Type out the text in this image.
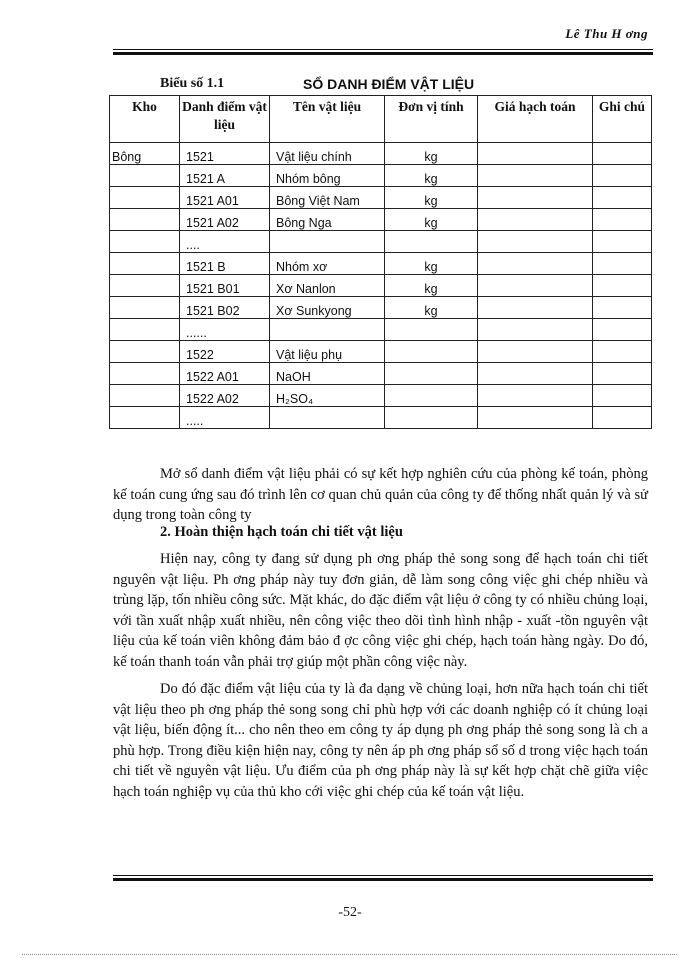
Lê Thu H ơng
Biểu số 1.1	SỔ DANH ĐIỂM VẬT LIỆU
Kho	Danh điểm vật liệu	Tên vật liệu	Đơn vị tính	Giá hạch toán	Ghi chú
Bông	1521	Vật liệu chính	kg		
	1521 A	Nhóm bông	kg		
	1521 A01	Bông Việt Nam	kg		
	1521 A02	Bông Nga	kg		
	....				
	1521 B	Nhóm xơ	kg		
	1521 B01	Xơ Nanlon	kg		
	1521 B02	Xơ Sunkyong	kg		
	......				
	1522	Vật liệu phụ			
	1522 A01	NaOH			
	1522 A02	H₂SO₄			
	.....				

Mở sổ danh điểm vật liệu phải có sự kết hợp nghiên cứu của phòng kế toán, phòng kế toán cung ứng sau đó trình lên cơ quan chủ quản của công ty để thống nhất quản lý và sử dụng trong toàn công ty

2. Hoàn thiện hạch toán chi tiết vật liệu

Hiện nay, công ty đang sử dụng ph ơng pháp thẻ song song để hạch toán chi tiết nguyên vật liệu. Ph ơng pháp này tuy đơn giản, dễ làm song công việc ghi chép nhiều và trùng lặp, tốn nhiều công sức. Mặt khác, do đặc điểm vật liệu ở công ty có nhiều chủng loại, với tần xuất nhập xuất nhiều, nên công việc theo dõi tình hình nhập - xuất -tồn nguyên vật liệu của kế toán viên không đảm bảo đ ợc công việc ghi chép, hạch toán hàng ngày. Do đó, kế toán thanh toán vẫn phải trợ giúp một phần công việc này.

Do đó đặc điểm vật liệu của ty là đa dạng về chủng loại, hơn nữa hạch toán chi tiết vật liệu theo ph ơng pháp thẻ song song chỉ phù hợp với các doanh nghiệp có ít chủng loại vật liệu, biến động ít... cho nên theo em công ty áp dụng ph ơng pháp thẻ song song là ch a phù hợp. Trong điều kiện hiện nay, công ty nên áp ph ơng pháp sổ số d trong việc hạch toán chi tiết về nguyên vật liệu. Ưu điểm của ph ơng pháp này là sự kết hợp chặt chẽ giữa việc hạch toán nghiệp vụ của thủ kho cới việc ghi chép của kế toán vật liệu.

-52-
